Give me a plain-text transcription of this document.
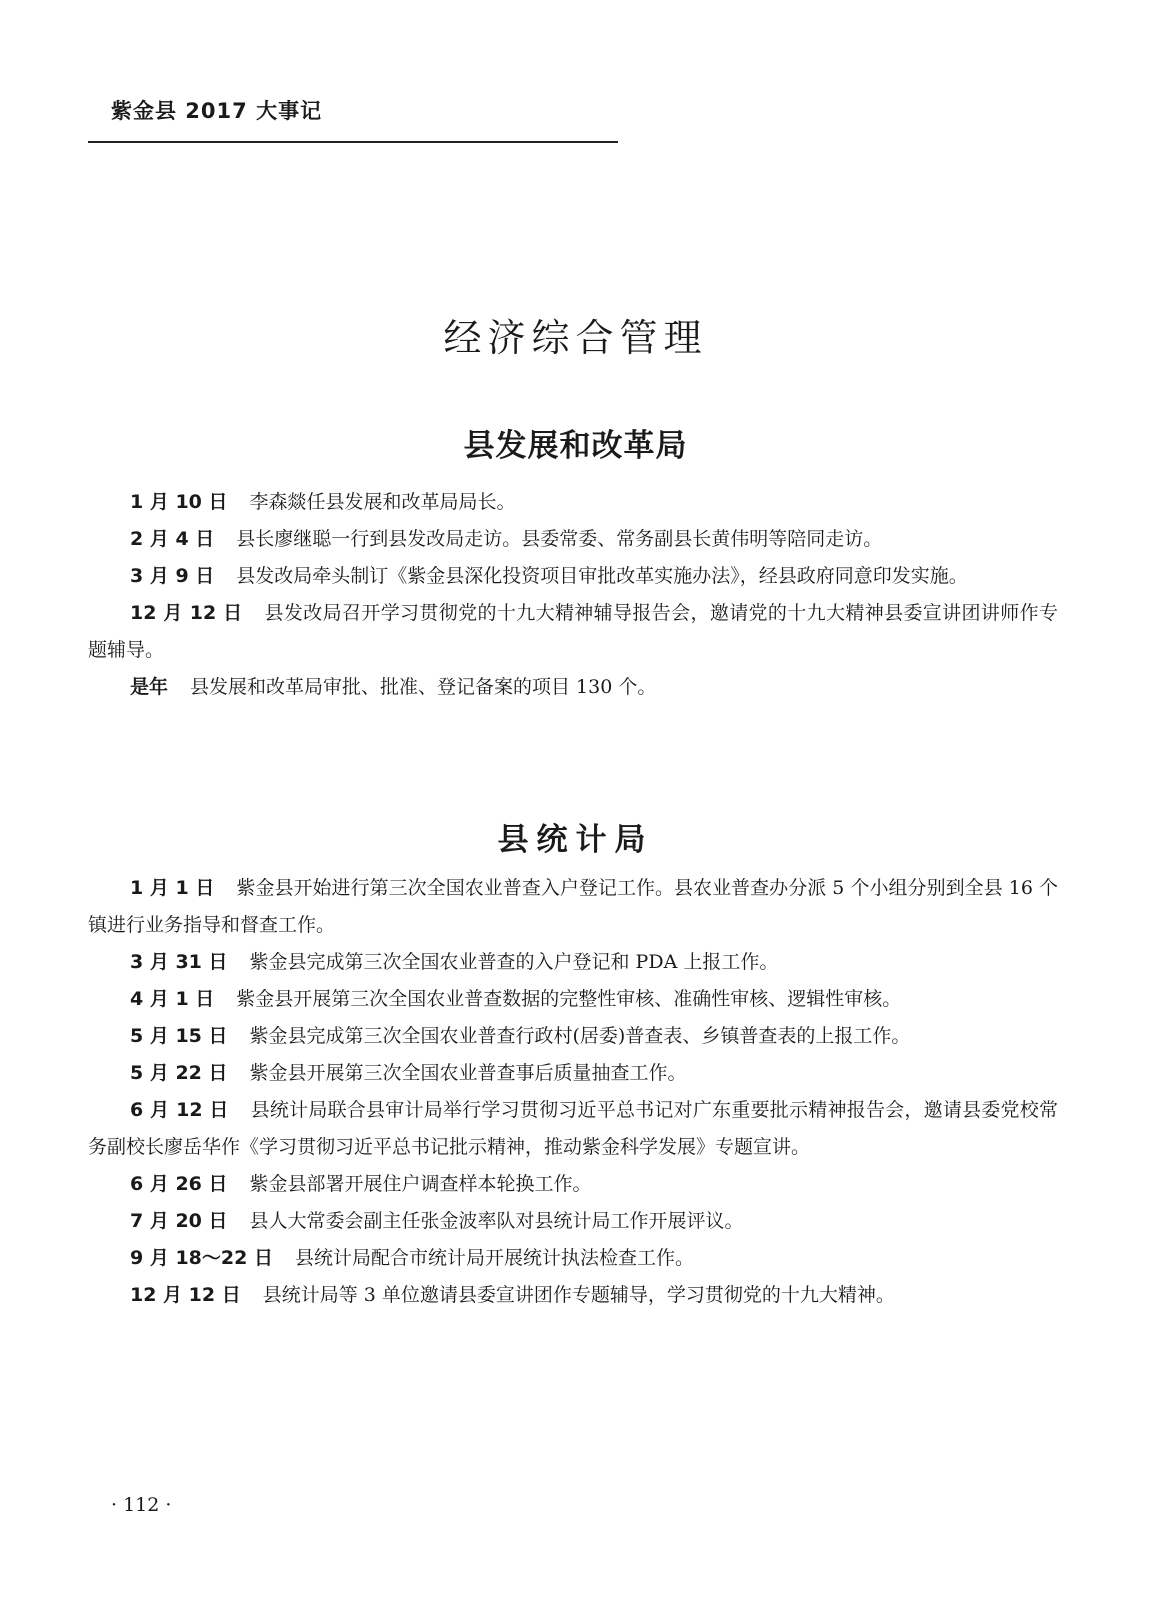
紫金县 2017 大事记
经济综合管理
县发展和改革局
1 月 10 日 李森燚任县发展和改革局局长。
2 月 4 日 县长廖继聪一行到县发改局走访。县委常委、常务副县长黄伟明等陪同走访。
3 月 9 日 县发改局牵头制订《紫金县深化投资项目审批改革实施办法》，经县政府同意印发实施。
12 月 12 日 县发改局召开学习贯彻党的十九大精神辅导报告会，邀请党的十九大精神县委宣讲团讲师作专题辅导。
是年 县发展和改革局审批、批准、登记备案的项目 130 个。
县统计局
1 月 1 日 紫金县开始进行第三次全国农业普查入户登记工作。县农业普查办分派 5 个小组分别到全县 16 个镇进行业务指导和督查工作。
3 月 31 日 紫金县完成第三次全国农业普查的入户登记和 PDA 上报工作。
4 月 1 日 紫金县开展第三次全国农业普查数据的完整性审核、准确性审核、逻辑性审核。
5 月 15 日 紫金县完成第三次全国农业普查行政村(居委)普查表、乡镇普查表的上报工作。
5 月 22 日 紫金县开展第三次全国农业普查事后质量抽查工作。
6 月 12 日 县统计局联合县审计局举行学习贯彻习近平总书记对广东重要批示精神报告会，邀请县委党校常务副校长廖岳华作《学习贯彻习近平总书记批示精神，推动紫金科学发展》专题宣讲。
6 月 26 日 紫金县部署开展住户调查样本轮换工作。
7 月 20 日 县人大常委会副主任张金波率队对县统计局工作开展评议。
9 月 18～22 日 县统计局配合市统计局开展统计执法检查工作。
12 月 12 日 县统计局等 3 单位邀请县委宣讲团作专题辅导，学习贯彻党的十九大精神。
· 112 ·
